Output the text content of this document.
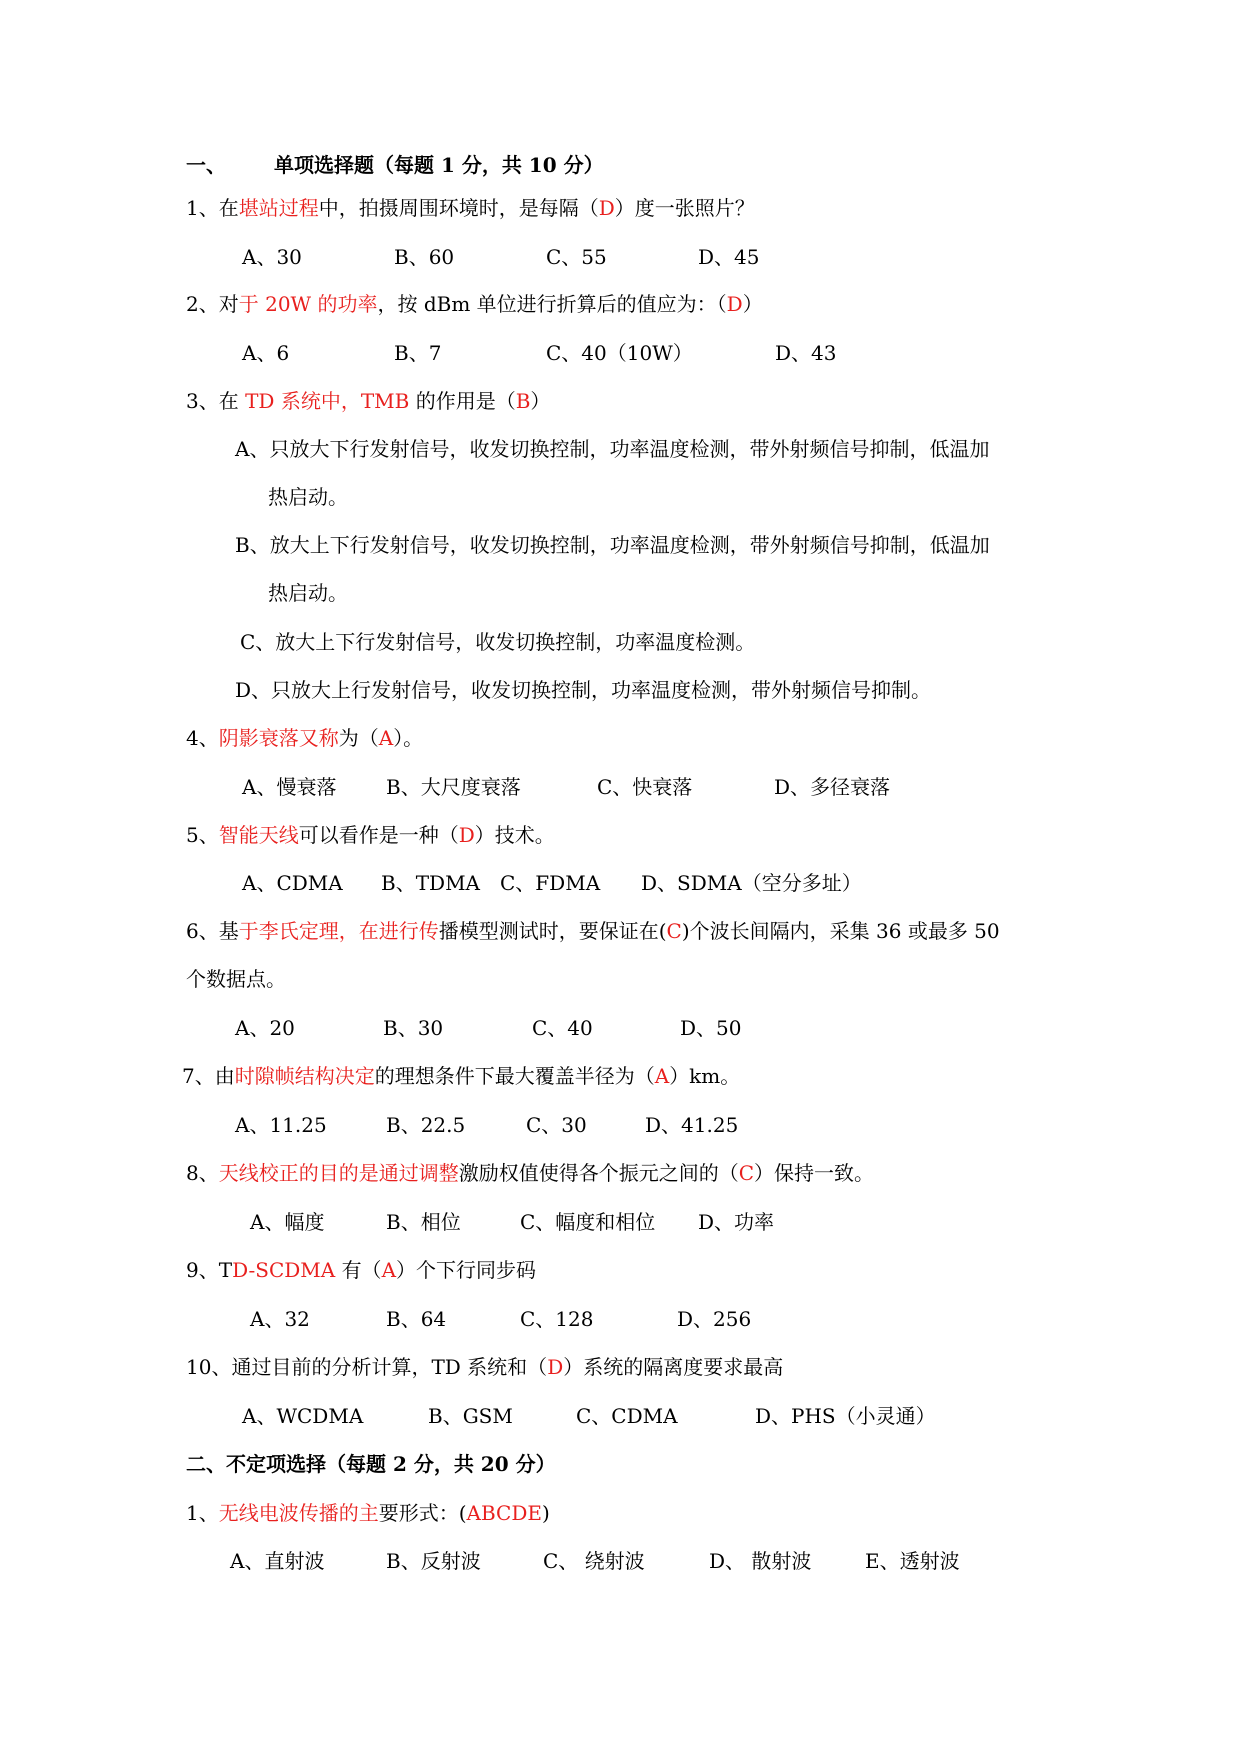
一、 单项选择题（每题 1 分，共 10 分）
1、在堪站过程中，拍摄周围环境时，是每隔（D）度一张照片？
A、30	B、60	C、55	D、45
2、对于 20W 的功率，按 dBm 单位进行折算后的值应为：（D）
A、6	B、7	C、40（10W）	D、43
3、在 TD 系统中，TMB 的作用是（B）
A、只放大下行发射信号，收发切换控制，功率温度检测，带外射频信号抑制，低温加
热启动。
B、放大上下行发射信号，收发切换控制，功率温度检测，带外射频信号抑制，低温加
热启动。
C、放大上下行发射信号，收发切换控制，功率温度检测。
D、只放大上行发射信号，收发切换控制，功率温度检测，带外射频信号抑制。
4、阴影衰落又称为（A）。
A、慢衰落 B、大尺度衰落	C、快衰落	D、多径衰落
5、智能天线可以看作是一种（D）技术。
A、CDMA B、TDMA C、FDMA D、SDMA（空分多址）
6、基于李氏定理，在进行传播模型测试时，要保证在(C)个波长间隔内，采集 36 或最多 50
个数据点。
A、20	B、30	C、40	D、50
7、由时隙帧结构决定的理想条件下最大覆盖半径为（A）km。
A、11.25	B、22.5	C、30	D、41.25
8、天线校正的目的是通过调整激励权值使得各个振元之间的（C）保持一致。
A、幅度	B、相位	C、幅度和相位 D、功率
9、TD-SCDMA 有（A）个下行同步码
A、32	B、64	C、128	D、256
10、通过目前的分析计算，TD 系统和（D）系统的隔离度要求最高
A、WCDMA	B、GSM	C、CDMA	D、PHS（小灵通）
二、不定项选择（每题 2 分，共 20 分）
1、无线电波传播的主要形式：(ABCDE)
A、直射波	B、反射波	C、 绕射波	D、 散射波	E、透射波
